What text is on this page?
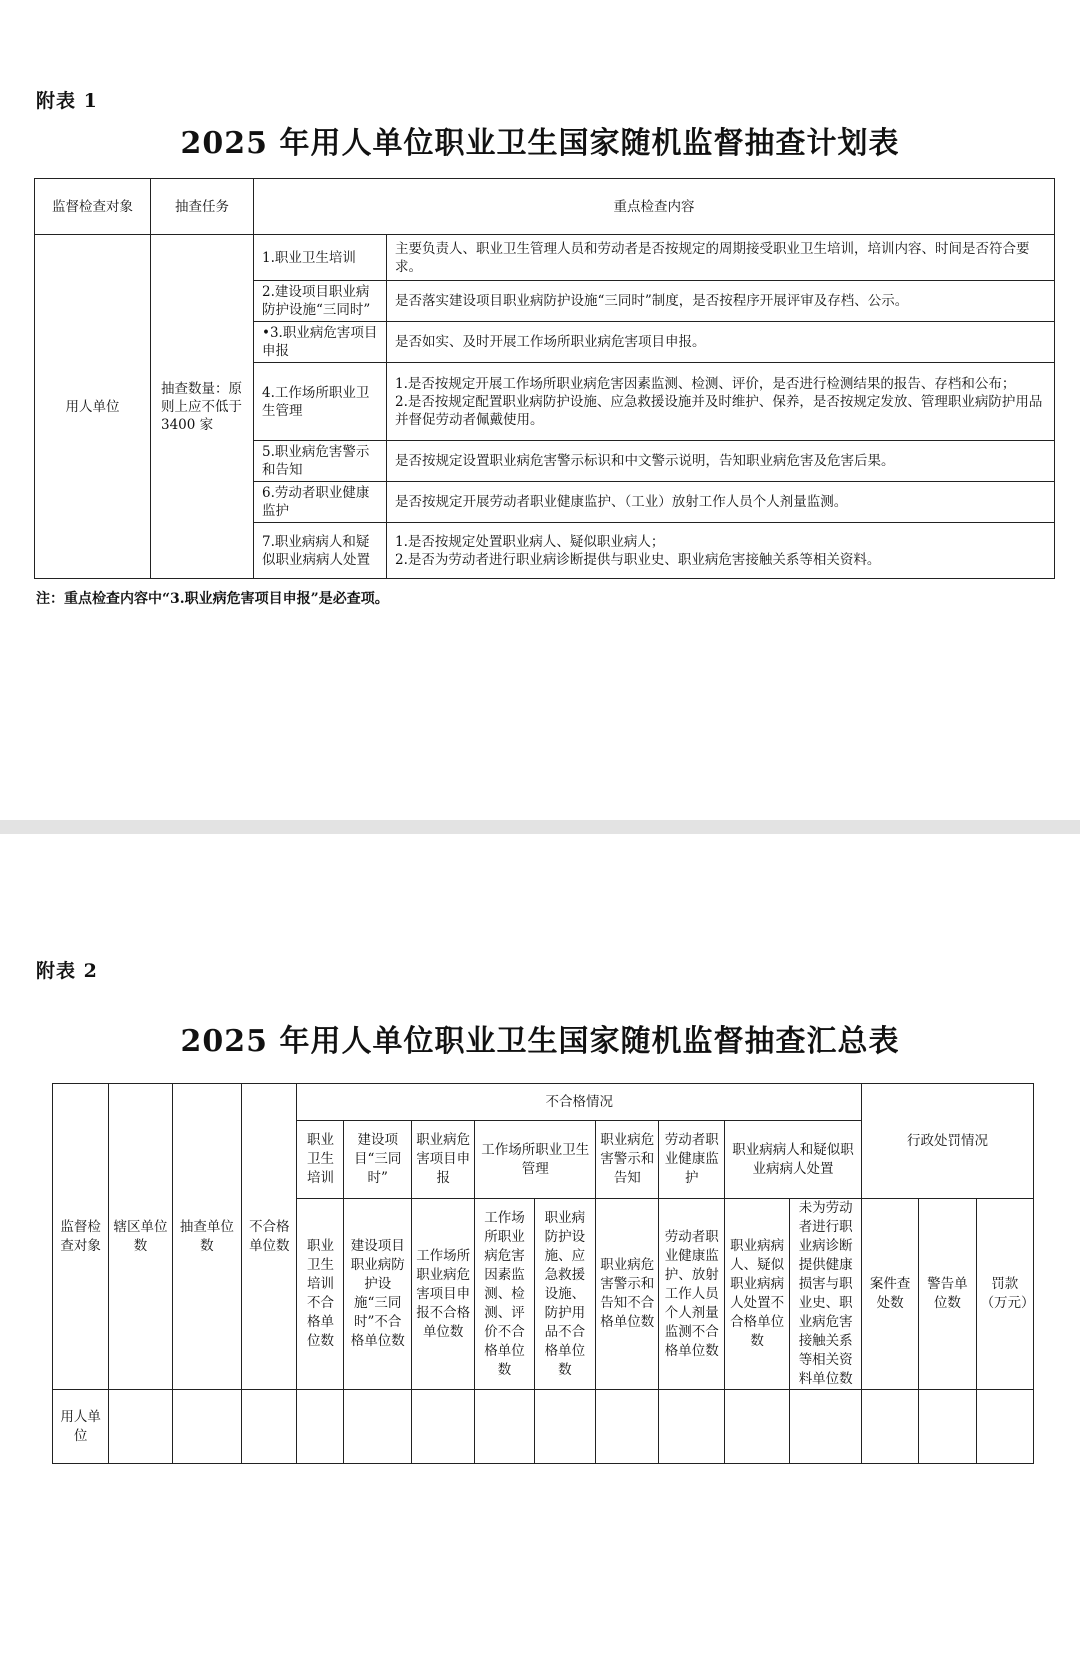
附表 1
2025 年用人单位职业卫生国家随机监督抽查计划表
监督检查对象	抽查任务	重点检查内容	
用人单位	抽查数量：原则上应不低于3400 家	1.职业卫生培训	主要负责人、职业卫生管理人员和劳动者是否按规定的周期接受职业卫生培训，培训内容、时间是否符合要求。
		2.建设项目职业病防护设施“三同时”	是否落实建设项目职业病防护设施“三同时”制度，是否按程序开展评审及存档、公示。
		•3.职业病危害项目申报	是否如实、及时开展工作场所职业病危害项目申报。
		4.工作场所职业卫生管理	1.是否按规定开展工作场所职业病危害因素监测、检测、评价，是否进行检测结果的报告、存档和公布；
2.是否按规定配置职业病防护设施、应急救援设施并及时维护、保养，是否按规定发放、管理职业病防护用品并督促劳动者佩戴使用。

		5.职业病危害警示和告知	是否按规定设置职业病危害警示标识和中文警示说明，告知职业病危害及危害后果。
		6.劳动者职业健康监护	是否按规定开展劳动者职业健康监护、（工业）放射工作人员个人剂量监测。
		7.职业病病人和疑似职业病病人处置	1.是否按规定处置职业病人、疑似职业病人；
2.是否为劳动者进行职业病诊断提供与职业史、职业病危害接触关系等相关资料。
注：重点检查内容中“3.职业病危害项目申报”是必查项。
附表 2
2025 年用人单位职业卫生国家随机监督抽查汇总表
监督检查对象	辖区单位数	抽查单位数	不合格单位数	不合格情况									行政处罚情况		

				职业卫生培训	建设项目“三同时”	职业病危害项目申报	工作场所职业卫生管理		职业病危害警示和告知	劳动者职业健康监护	职业病病人和疑似职业病病人处置				

				职业卫生培训不合格单位数	建设项目职业病防护设施“三同时”不合格单位数	工作场所职业病危害项目申报不合格单位数	工作场所职业病危害因素监测、检测、评价不合格单位数	职业病防护设施、应急救援设施、防护用品不合格单位数	职业病危害警示和告知不合格单位数	劳动者职业健康监护、放射工作人员个人剂量监测不合格单位数	职业病病人、疑似职业病病人处置不合格单位数	未为劳动者进行职业病诊断提供健康损害与职业史、职业病危害接触关系等相关资料单位数	案件查处数	警告单位数	罚款（万元）

用人单位															
